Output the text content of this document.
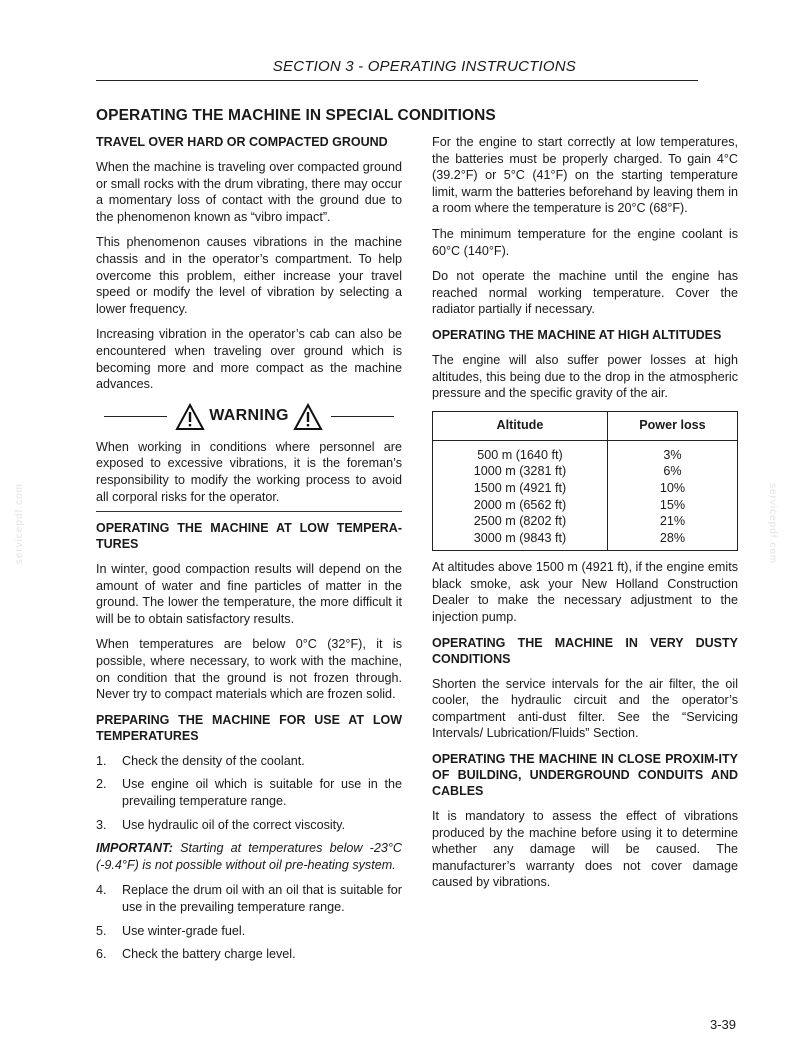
SECTION 3 - OPERATING INSTRUCTIONS
OPERATING THE MACHINE IN SPECIAL CONDITIONS
TRAVEL OVER HARD OR COMPACTED GROUND

When the machine is traveling over compacted ground or small rocks with the drum vibrating, there may occur a momentary loss of contact with the ground due to the phenomenon known as “vibro impact”.

This phenomenon causes vibrations in the machine chassis and in the operator’s compartment. To help overcome this problem, either increase your travel speed or modify the level of vibration by selecting a lower frequency.

Increasing vibration in the operator’s cab can also be encountered when traveling over ground which is becoming more and more compact as the machine advances.

WARNING

When working in conditions where personnel are exposed to excessive vibrations, it is the foreman’s responsibility to modify the working process to avoid all corporal risks for the operator.

OPERATING THE MACHINE AT LOW TEMPERA-TURES

In winter, good compaction results will depend on the amount of water and fine particles of matter in the ground. The lower the temperature, the more difficult it will be to obtain satisfactory results.

When temperatures are below 0°C (32°F), it is possible, where necessary, to work with the machine, on condition that the ground is not frozen through. Never try to compact materials which are frozen solid.

PREPARING THE MACHINE FOR USE AT LOW TEMPERATURES
1.	Check the density of the coolant.
2.	Use engine oil which is suitable for use in the prevailing temperature range.
3.	Use hydraulic oil of the correct viscosity.

IMPORTANT: Starting at temperatures below -23°C (-9.4°F) is not possible without oil pre-heating system.

4.	Replace the drum oil with an oil that is suitable for use in the prevailing temperature range.
5.	Use winter-grade fuel.
6.	Check the battery charge level.

For the engine to start correctly at low temperatures, the batteries must be properly charged. To gain 4°C (39.2°F) or 5°C (41°F) on the starting temperature limit, warm the batteries beforehand by leaving them in a room where the temperature is 20°C (68°F).

The minimum temperature for the engine coolant is 60°C (140°F).

Do not operate the machine until the engine has reached normal working temperature. Cover the radiator partially if necessary.

OPERATING THE MACHINE AT HIGH ALTITUDES

The engine will also suffer power losses at high altitudes, this being due to the drop in the atmospheric pressure and the specific gravity of the air.

Altitude	Power loss
500 m (1640 ft)	3%
1000 m (3281 ft)	6%
1500 m (4921 ft)	10%
2000 m (6562 ft)	15%
2500 m (8202 ft)	21%
3000 m (9843 ft)	28%

At altitudes above 1500 m (4921 ft), if the engine emits black smoke, ask your New Holland Construction Dealer to make the necessary adjustment to the injection pump.

OPERATING THE MACHINE IN VERY DUSTY CONDITIONS

Shorten the service intervals for the air filter, the oil cooler, the hydraulic circuit and the operator’s compartment anti-dust filter. See the “Servicing Intervals/ Lubrication/Fluids” Section.

OPERATING THE MACHINE IN CLOSE PROXIM-ITY OF BUILDING, UNDERGROUND CONDUITS AND CABLES

It is mandatory to assess the effect of vibrations produced by the machine before using it to determine whether any damage will be caused. The manufacturer’s warranty does not cover damage caused by vibrations.

servicepdf.com	servicepdf.com
3-39
